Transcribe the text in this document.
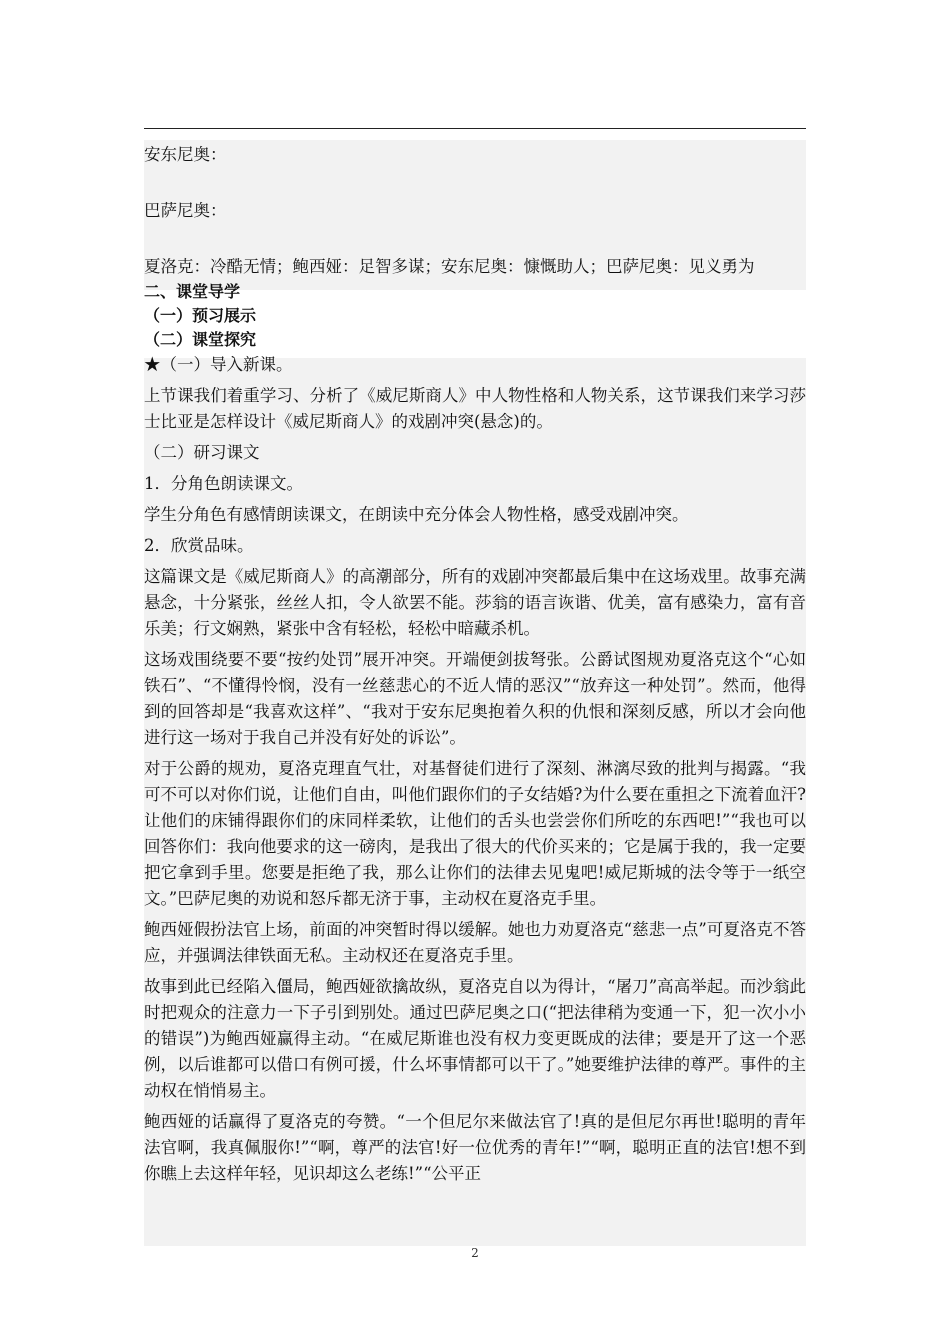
安东尼奥：

巴萨尼奥：

夏洛克：冷酷无情；鲍西娅：足智多谋；安东尼奥：慷慨助人；巴萨尼奥：见义勇为

二、课堂导学

（一）预习展示

（二）课堂探究

★（一）导入新课。

上节课我们着重学习、分析了《威尼斯商人》中人物性格和人物关系，这节课我们来学习莎士比亚是怎样设计《威尼斯商人》的戏剧冲突(悬念)的。

（二）研习课文

1．分角色朗读课文。

学生分角色有感情朗读课文，在朗读中充分体会人物性格，感受戏剧冲突。

2．欣赏品味。

这篇课文是《威尼斯商人》的高潮部分，所有的戏剧冲突都最后集中在这场戏里。故事充满悬念，十分紧张，丝丝人扣，令人欲罢不能。莎翁的语言诙谐、优美，富有感染力，富有音乐美；行文娴熟，紧张中含有轻松，轻松中暗藏杀机。

这场戏围绕要不要“按约处罚”展开冲突。开端便剑拔弩张。公爵试图规劝夏洛克这个“心如铁石”、“不懂得怜悯，没有一丝慈悲心的不近人情的恶汉”“放弃这一种处罚”。然而，他得到的回答却是“我喜欢这样”、“我对于安东尼奥抱着久积的仇恨和深刻反感，所以才会向他进行这一场对于我自己并没有好处的诉讼”。

对于公爵的规劝，夏洛克理直气壮，对基督徒们进行了深刻、淋漓尽致的批判与揭露。“我可不可以对你们说，让他们自由，叫他们跟你们的子女结婚?为什么要在重担之下流着血汗?让他们的床铺得跟你们的床同样柔软，让他们的舌头也尝尝你们所吃的东西吧!”“我也可以回答你们：我向他要求的这一磅肉，是我出了很大的代价买来的；它是属于我的，我一定要把它拿到手里。您要是拒绝了我，那么让你们的法律去见鬼吧!威尼斯城的法令等于一纸空文。”巴萨尼奥的劝说和怒斥都无济于事，主动权在夏洛克手里。

鲍西娅假扮法官上场，前面的冲突暂时得以缓解。她也力劝夏洛克“慈悲一点”可夏洛克不答应，并强调法律铁面无私。主动权还在夏洛克手里。

故事到此已经陷入僵局，鲍西娅欲擒故纵，夏洛克自以为得计，“屠刀”高高举起。而沙翁此时把观众的注意力一下子引到别处。通过巴萨尼奥之口(“把法律稍为变通一下，犯一次小小的错误”)为鲍西娅赢得主动。“在威尼斯谁也没有权力变更既成的法律；要是开了这一个恶例，以后谁都可以借口有例可援，什么坏事情都可以干了。”她要维护法律的尊严。事件的主动权在悄悄易主。

鲍西娅的话赢得了夏洛克的夸赞。“一个但尼尔来做法官了!真的是但尼尔再世!聪明的青年法官啊，我真佩服你!”“啊，尊严的法官!好一位优秀的青年!”“啊，聪明正直的法官!想不到你瞧上去这样年轻，见识却这么老练!”“公平正

2
